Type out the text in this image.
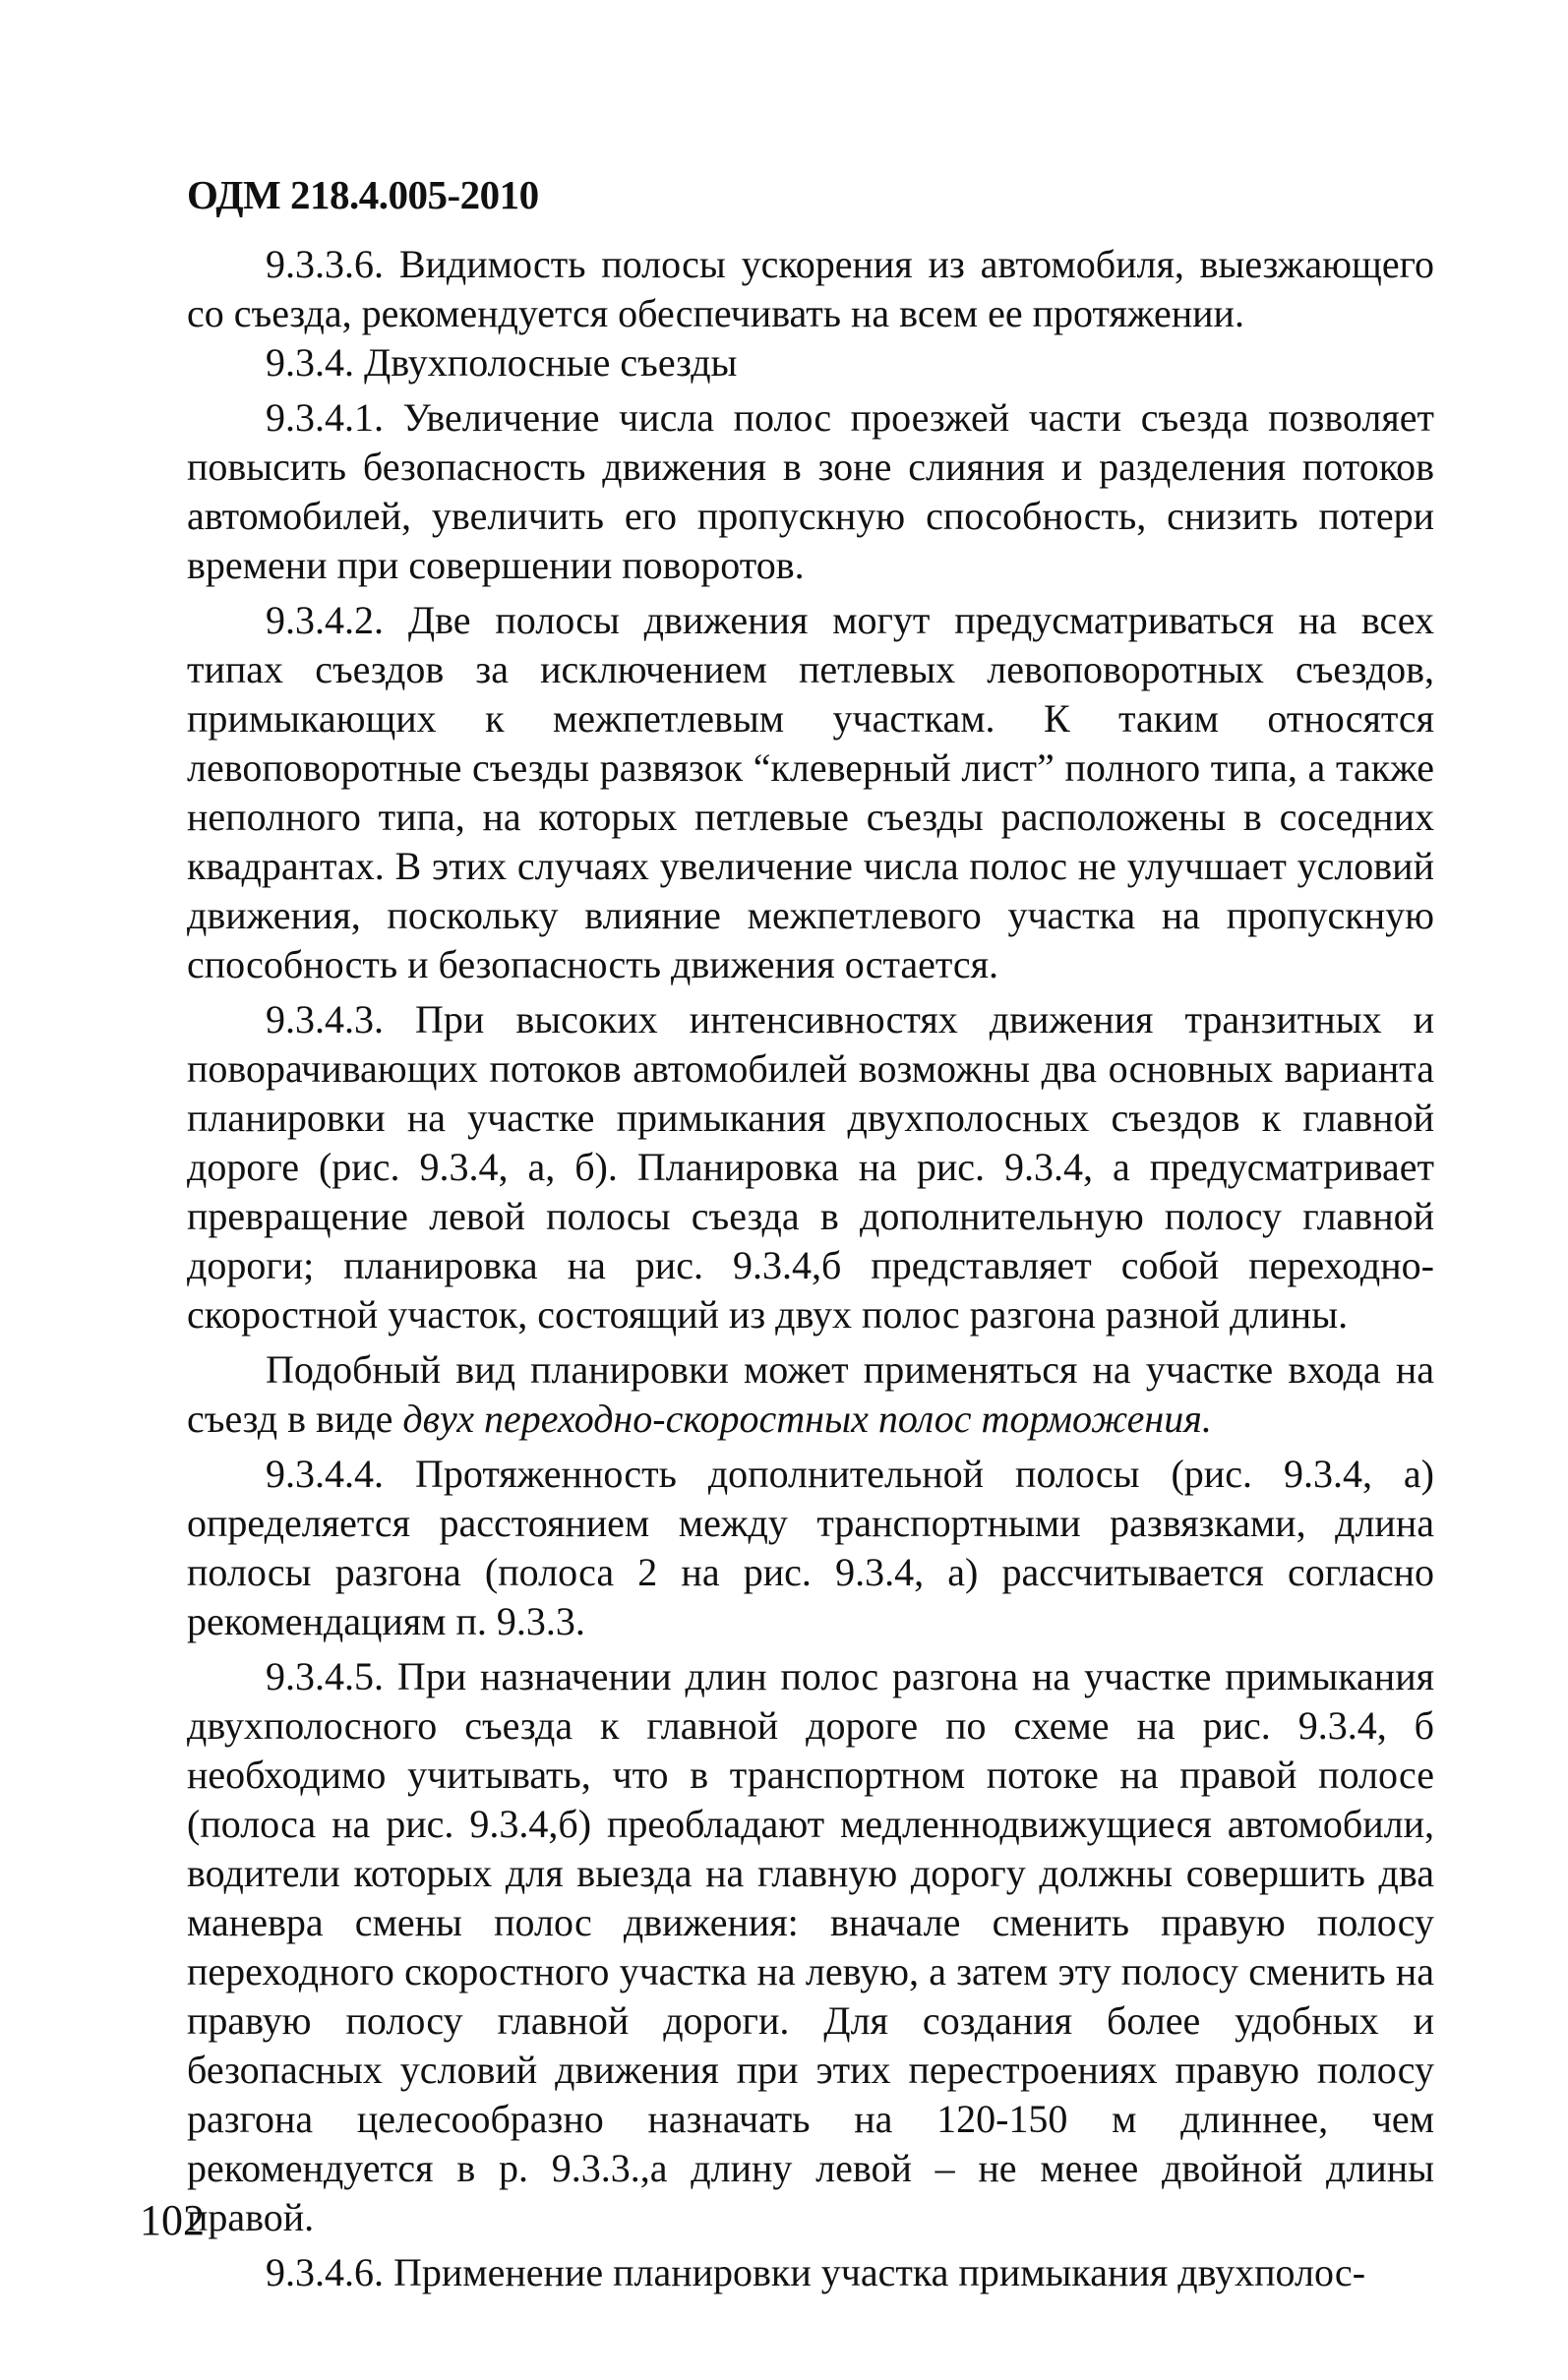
ОДМ 218.4.005-2010

9.3.3.6. Видимость полосы ускорения из автомобиля, выезжающего со съезда, рекомендуется обеспечивать на всем ее протяжении.

9.3.4. Двухполосные съезды

9.3.4.1. Увеличение числа полос проезжей части съезда позволяет повысить безопасность движения в зоне слияния и разделения потоков автомобилей, увеличить его пропускную способность, снизить потери времени при совершении поворотов.

9.3.4.2. Две полосы движения могут предусматриваться на всех типах съездов за исключением петлевых левоповоротных съездов, примыкающих к межпетлевым участкам. К таким относятся левоповоротные съезды развязок “клеверный лист” полного типа, а также неполного типа, на которых петлевые съезды расположены в соседних квадрантах. В этих случаях увеличение числа полос не улучшает условий движения, поскольку влияние межпетлевого участка на пропускную способность и безопасность движения остается.

9.3.4.3. При высоких интенсивностях движения транзитных и поворачивающих потоков автомобилей возможны два основных варианта планировки на участке примыкания двухполосных съездов к главной дороге (рис. 9.3.4, а, б). Планировка на рис. 9.3.4, а предусматривает превращение левой полосы съезда в дополнительную полосу главной дороги; планировка на рис. 9.3.4,б представляет собой переходно-скоростной участок, состоящий из двух полос разгона разной длины.

Подобный вид планировки может применяться на участке входа на съезд в виде двух переходно-скоростных полос торможения.

9.3.4.4. Протяженность дополнительной полосы (рис. 9.3.4, а) определяется расстоянием между транспортными развязками, длина полосы разгона (полоса 2 на рис. 9.3.4, а) рассчитывается согласно рекомендациям п. 9.3.3.

9.3.4.5. При назначении длин полос разгона на участке примыкания двухполосного съезда к главной дороге по схеме на рис. 9.3.4, б необходимо учитывать, что в транспортном потоке на правой полосе (полоса на рис. 9.3.4,б) преобладают медленнодвижущиеся автомобили, водители которых для выезда на главную дорогу должны совершить два маневра смены полос движения: вначале сменить правую полосу переходного скоростного участка на левую, а затем эту полосу сменить на правую полосу главной дороги. Для создания более удобных и безопасных условий движения при этих перестроениях правую полосу разгона целесообразно назначать на 120-150 м длиннее, чем рекомендуется в р. 9.3.3.,а длину левой – не менее двойной длины правой.

9.3.4.6. Применение планировки участка примыкания двухполос-

102
